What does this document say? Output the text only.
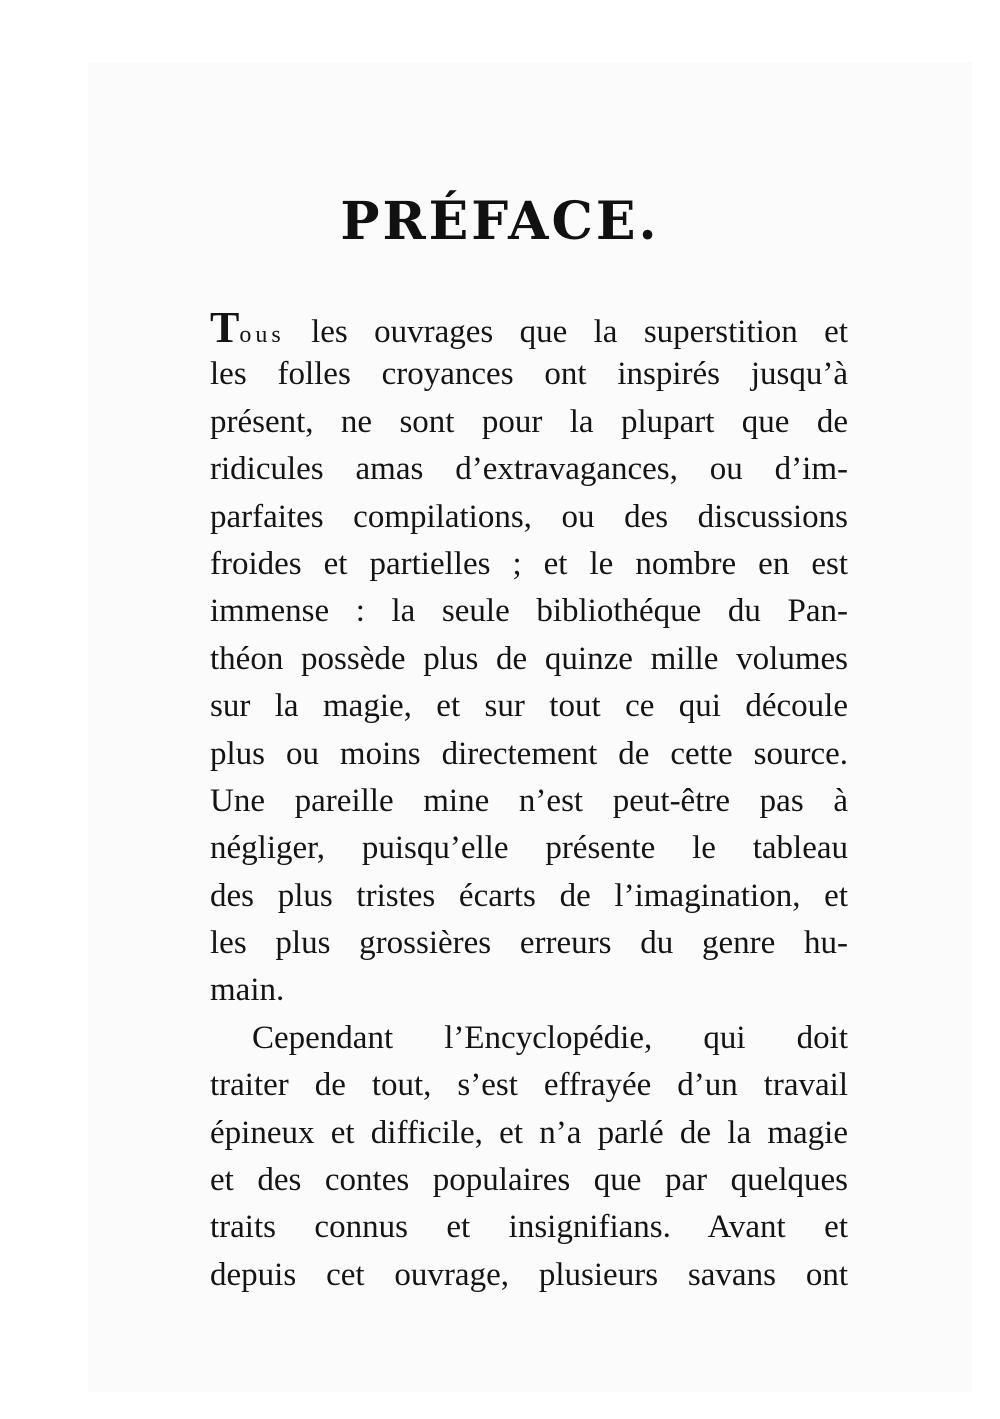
PRÉFACE.
Tous les ouvrages que la superstition et
les folles croyances ont inspirés jusqu’à
présent, ne sont pour la plupart que de
ridicules amas d’extravagances, ou d’im-
parfaites compilations, ou des discussions
froides et partielles ; et le nombre en est
immense : la seule bibliothéque du Pan-
théon possède plus de quinze mille volumes
sur la magie, et sur tout ce qui découle
plus ou moins directement de cette source.
Une pareille mine n’est peut-être pas à
négliger, puisqu’elle présente le tableau
des plus tristes écarts de l’imagination, et
les plus grossières erreurs du genre hu-
main.
Cependant l’Encyclopédie, qui doit
traiter de tout, s’est effrayée d’un travail
épineux et difficile, et n’a parlé de la magie
et des contes populaires que par quelques
traits connus et insignifians. Avant et
depuis cet ouvrage, plusieurs savans ont
